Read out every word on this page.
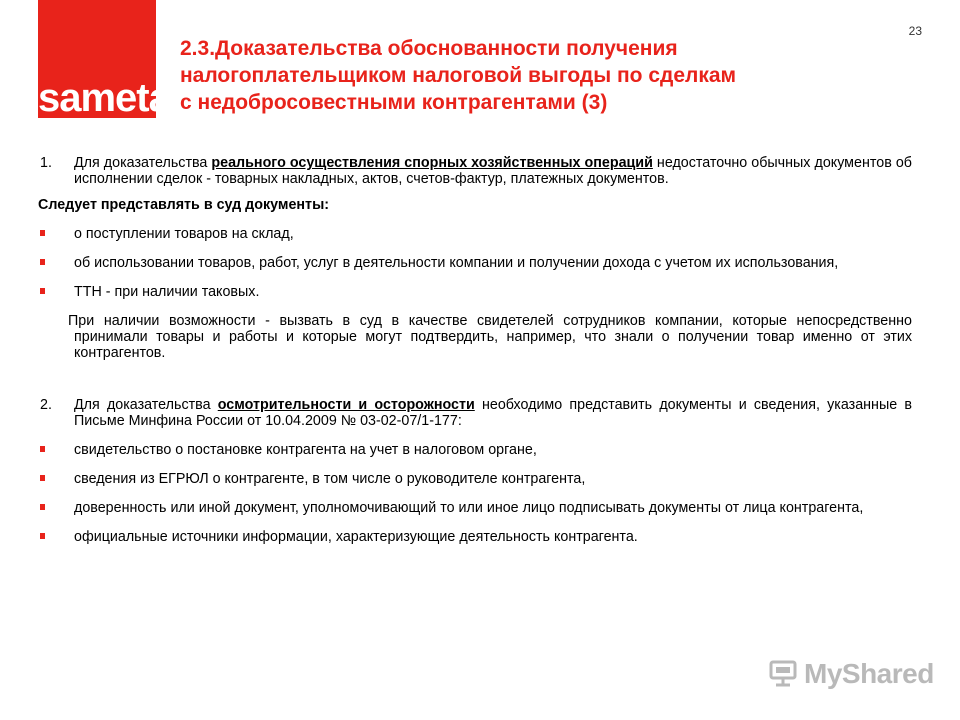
sameta
23
2.3.Доказательства обоснованности получения
налогоплательщиком налоговой выгоды по сделкам
с недобросовестными контрагентами (3)
1. Для доказательства реального осуществления спорных хозяйственных операций недостаточно обычных документов об исполнении сделок - товарных накладных, актов, счетов-фактур, платежных документов.
Следует представлять в суд документы:
о поступлении товаров на склад,
об использовании товаров, работ, услуг в деятельности компании и получении дохода с учетом их использования,
ТТН - при наличии таковых.
При наличии возможности - вызвать в суд в качестве свидетелей сотрудников компании, которые непосредственно принимали товары и работы и которые могут подтвердить, например, что знали о получении товар именно от этих контрагентов.
2. Для доказательства осмотрительности и осторожности необходимо представить документы и сведения, указанные в Письме Минфина России от 10.04.2009 № 03-02-07/1-177:
свидетельство о постановке контрагента на учет в налоговом органе,
сведения из ЕГРЮЛ о контрагенте, в том числе о руководителе контрагента,
доверенность или иной документ, уполномочивающий то или иное лицо подписывать документы от лица контрагента,
официальные источники информации, характеризующие деятельность контрагента.
MyShared
